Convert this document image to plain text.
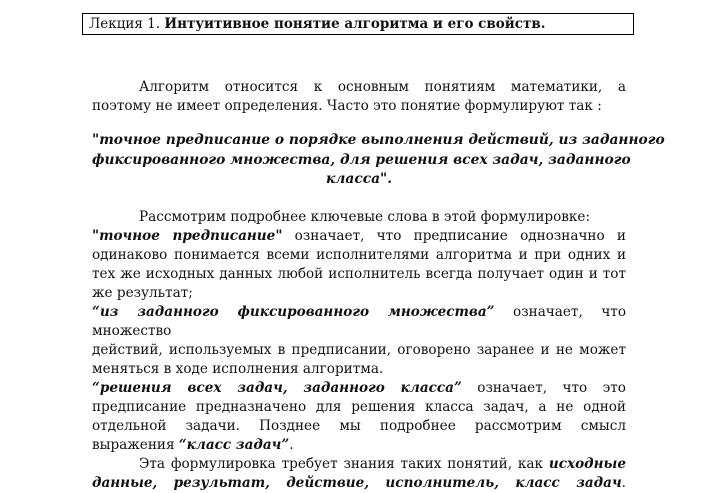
Лекция 1. Интуитивное понятие алгоритма и его свойств.
Алгоритм относится к основным понятиям математики, а
поэтому не имеет определения. Часто это понятие формулируют так :
"точное предписание о порядке выполнения действий, из заданного
фиксированного множества, для решения всех задач, заданного
класса".
Рассмотрим подробнее ключевые слова в этой формулировке:
"точное предписание" означает, что предписание однозначно и
одинаково понимается всеми исполнителями алгоритма и при одних и
тех же исходных данных любой исполнитель всегда получает один и тот
же результат;
“из заданного фиксированного множества” означает, что множество
действий, используемых в предписании, оговорено заранее и не может
меняться в ходе исполнения алгоритма.
“решения всех задач, заданного класса” означает, что это
предписание предназначено для решения класса задач, а не одной
отдельной задачи. Позднее мы подробнее рассмотрим смысл
выражения “класс задач”.
Эта формулировка требует знания таких понятий, как исходные
данные, результат, действие, исполнитель, класс задач.
